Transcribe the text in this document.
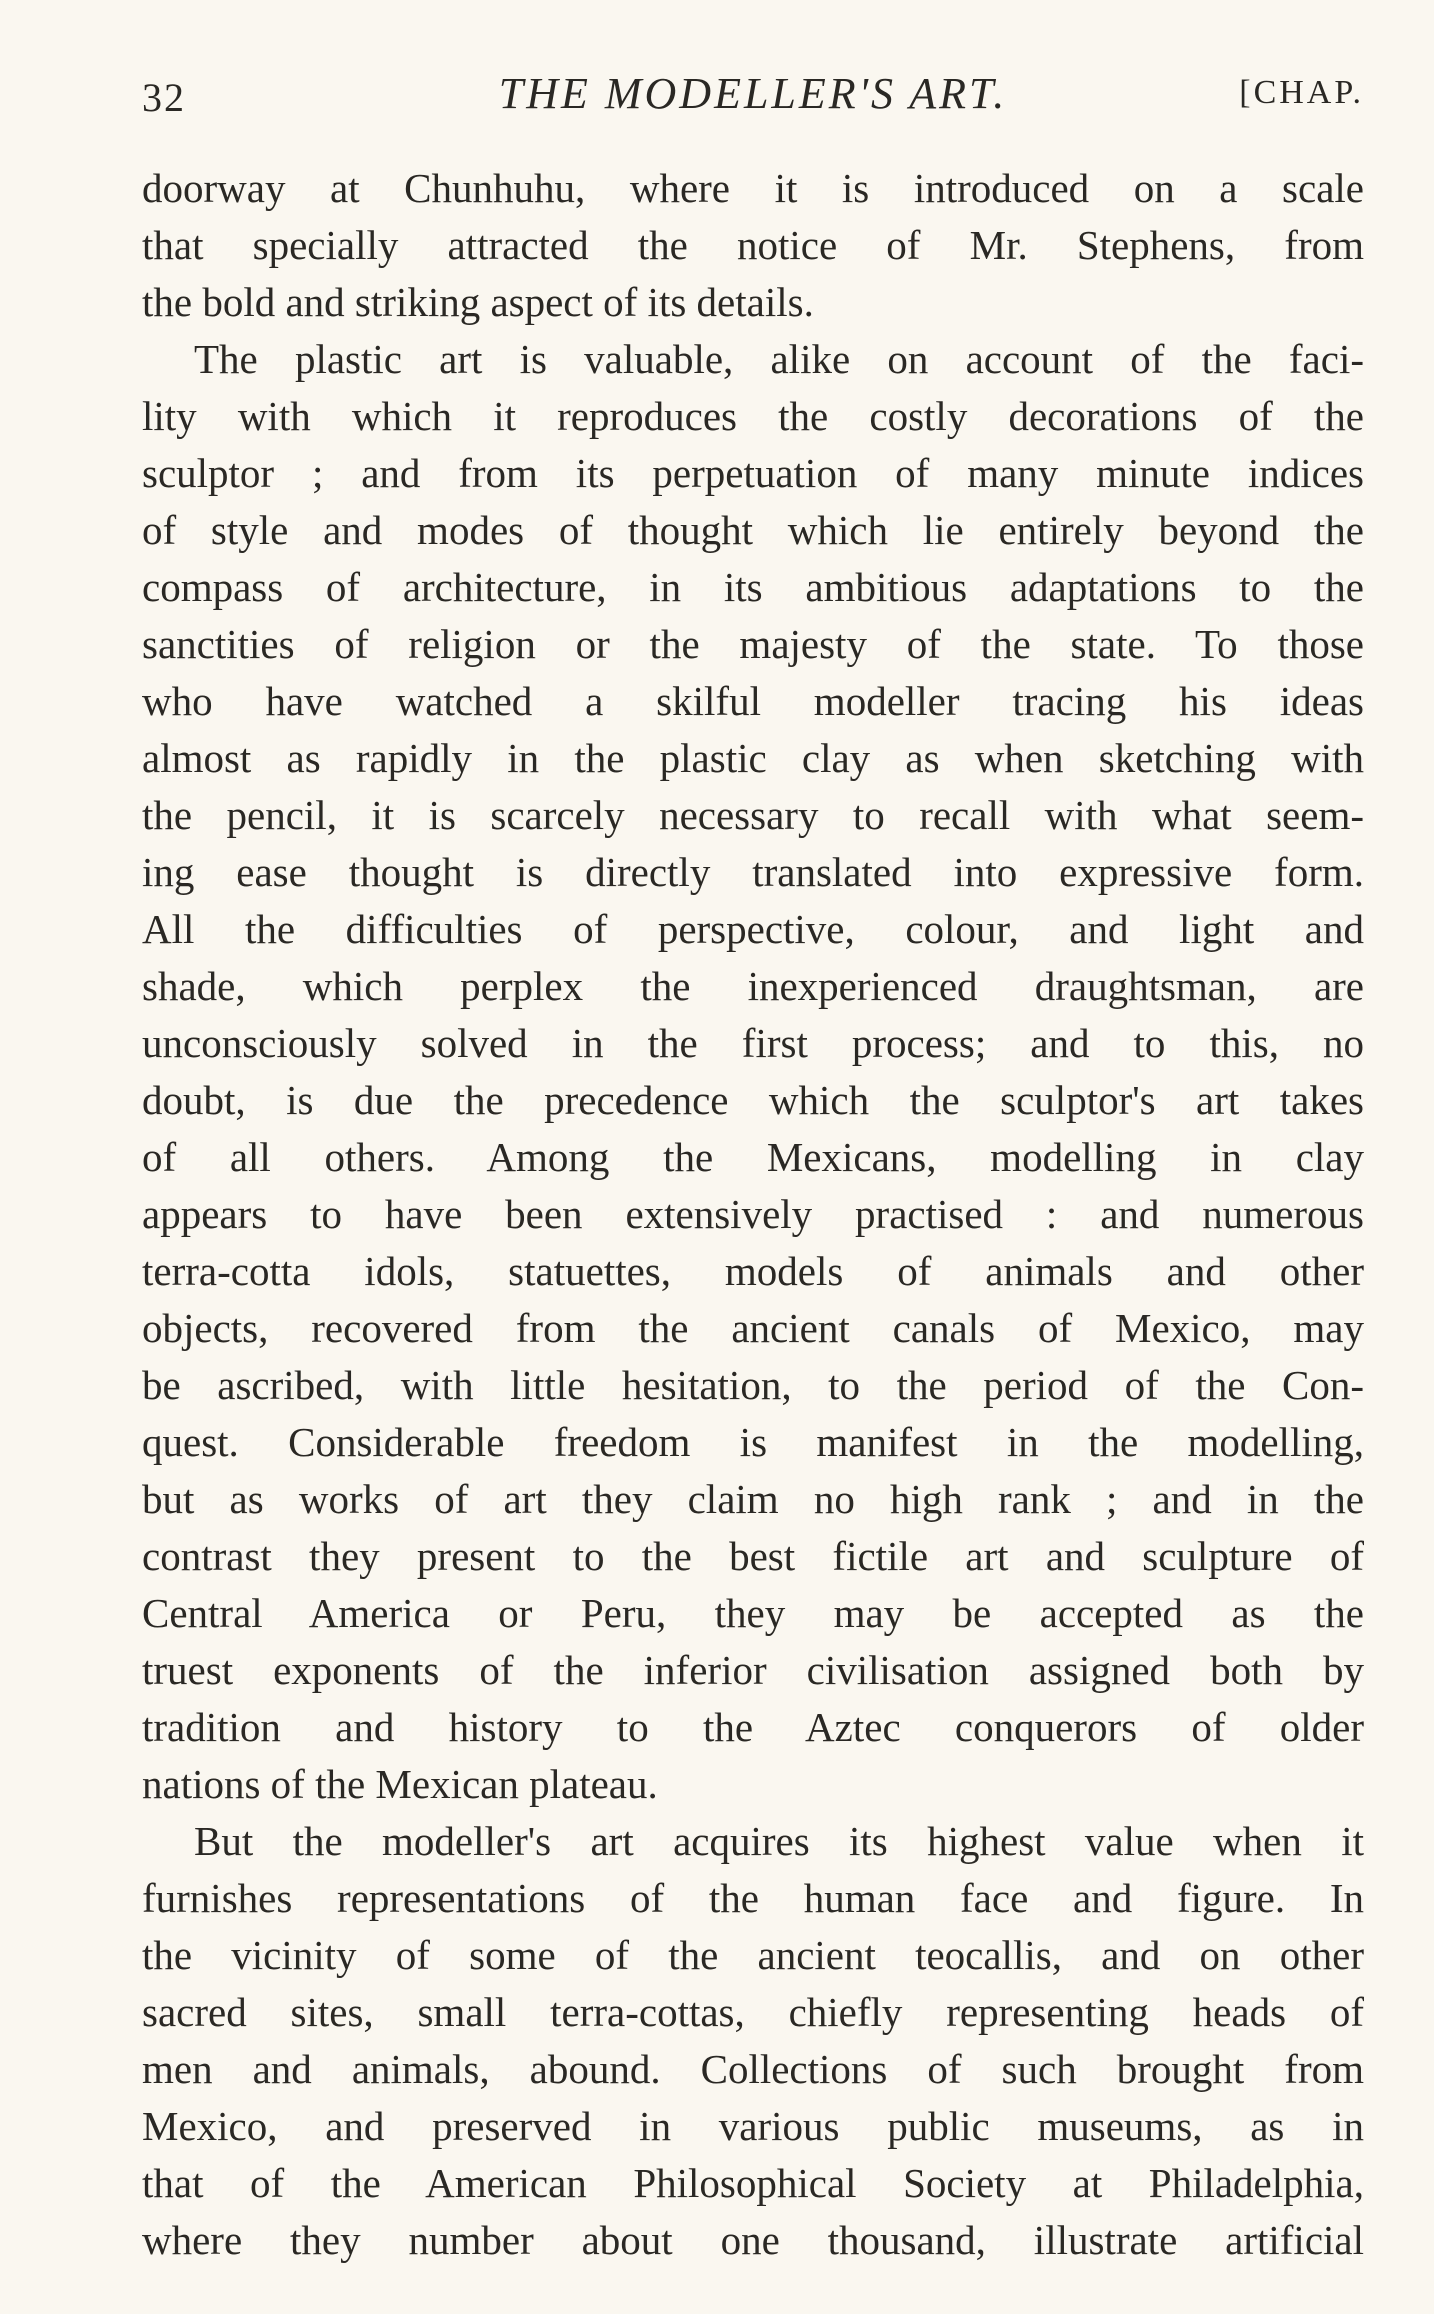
32	THE MODELLER'S ART.	[CHAP.
doorway at Chunhuhu, where it is introduced on a scale
that specially attracted the notice of Mr. Stephens, from
the bold and striking aspect of its details.
The plastic art is valuable, alike on account of the faci-
lity with which it reproduces the costly decorations of the
sculptor ; and from its perpetuation of many minute indices
of style and modes of thought which lie entirely beyond the
compass of architecture, in its ambitious adaptations to the
sanctities of religion or the majesty of the state. To those
who have watched a skilful modeller tracing his ideas
almost as rapidly in the plastic clay as when sketching with
the pencil, it is scarcely necessary to recall with what seem-
ing ease thought is directly translated into expressive form.
All the difficulties of perspective, colour, and light and
shade, which perplex the inexperienced draughtsman, are
unconsciously solved in the first process; and to this, no
doubt, is due the precedence which the sculptor's art takes
of all others. Among the Mexicans, modelling in clay
appears to have been extensively practised : and numerous
terra-cotta idols, statuettes, models of animals and other
objects, recovered from the ancient canals of Mexico, may
be ascribed, with little hesitation, to the period of the Con-
quest. Considerable freedom is manifest in the modelling,
but as works of art they claim no high rank ; and in the
contrast they present to the best fictile art and sculpture of
Central America or Peru, they may be accepted as the
truest exponents of the inferior civilisation assigned both by
tradition and history to the Aztec conquerors of older
nations of the Mexican plateau.
But the modeller's art acquires its highest value when it
furnishes representations of the human face and figure. In
the vicinity of some of the ancient teocallis, and on other
sacred sites, small terra-cottas, chiefly representing heads of
men and animals, abound. Collections of such brought from
Mexico, and preserved in various public museums, as in
that of the American Philosophical Society at Philadelphia,
where they number about one thousand, illustrate artificial
